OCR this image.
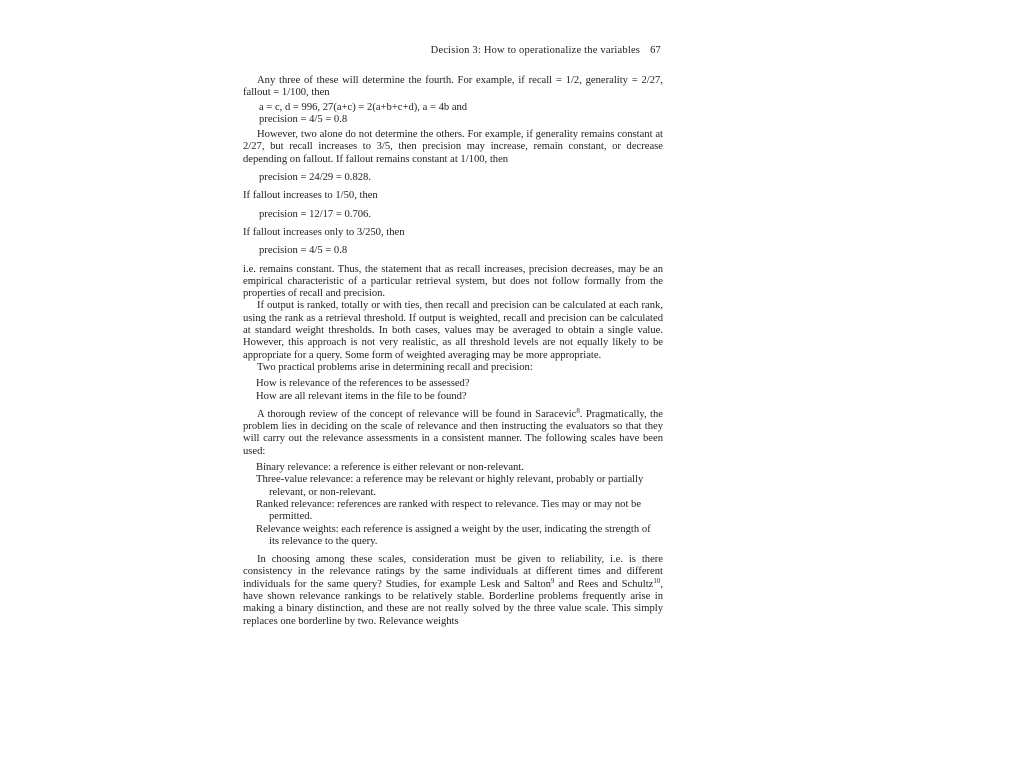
Decision 3: How to operationalize the variables 67

Any three of these will determine the fourth. For example, if recall = 1/2, generality = 2/27, fallout = 1/100, then

a = c, d = 996, 27(a+c) = 2(a+b+c+d), a = 4b and
precision = 4/5 = 0.8

However, two alone do not determine the others. For example, if generality remains constant at 2/27, but recall increases to 3/5, then precision may increase, remain constant, or decrease depending on fallout. If fallout remains constant at 1/100, then

precision = 24/29 = 0.828.

If fallout increases to 1/50, then

precision = 12/17 = 0.706.

If fallout increases only to 3/250, then

precision = 4/5 = 0.8

i.e. remains constant. Thus, the statement that as recall increases, precision decreases, may be an empirical characteristic of a particular retrieval system, but does not follow formally from the properties of recall and precision.

If output is ranked, totally or with ties, then recall and precision can be calculated at each rank, using the rank as a retrieval threshold. If output is weighted, recall and precision can be calculated at standard weight thresholds. In both cases, values may be averaged to obtain a single value. However, this approach is not very realistic, as all threshold levels are not equally likely to be appropriate for a query. Some form of weighted averaging may be more appropriate.

Two practical problems arise in determining recall and precision:

How is relevance of the references to be assessed?
How are all relevant items in the file to be found?

A thorough review of the concept of relevance will be found in Saracevic$^8$. Pragmatically, the problem lies in deciding on the scale of relevance and then instructing the evaluators so that they will carry out the relevance assessments in a consistent manner. The following scales have been used:

Binary relevance: a reference is either relevant or non-relevant.
Three-value relevance: a reference may be relevant or highly relevant, probably or partially relevant, or non-relevant.
Ranked relevance: references are ranked with respect to relevance. Ties may or may not be permitted.
Relevance weights: each reference is assigned a weight by the user, indicating the strength of its relevance to the query.

In choosing among these scales, consideration must be given to reliability, i.e. is there consistency in the relevance ratings by the same individuals at different times and different individuals for the same query? Studies, for example Lesk and Salton$^9$ and Rees and Schultz$^{10}$, have shown relevance rankings to be relatively stable. Borderline problems frequently arise in making a binary distinction, and these are not really solved by the three value scale. This simply replaces one borderline by two. Relevance weights
